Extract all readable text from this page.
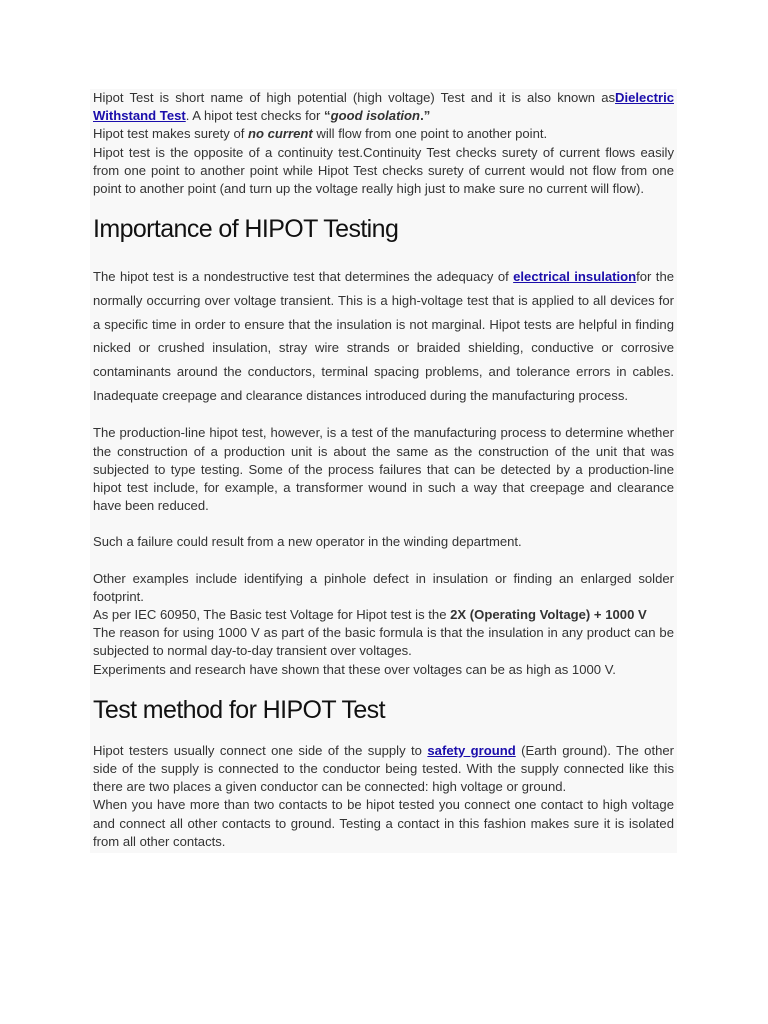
Hipot Test is short name of high potential (high voltage) Test and it is also known asDielectric Withstand Test. A hipot test checks for “good isolation.”

Hipot test makes surety of no current will flow from one point to another point.

Hipot test is the opposite of a continuity test.Continuity Test checks surety of current flows easily from one point to another point while Hipot Test checks surety of current would not flow from one point to another point (and turn up the voltage really high just to make sure no current will flow).

Importance of HIPOT Testing

The hipot test is a nondestructive test that determines the adequacy of electrical insulationfor the normally occurring over voltage transient. This is a high-voltage test that is applied to all devices for a specific time in order to ensure that the insulation is not marginal. Hipot tests are helpful in finding nicked or crushed insulation, stray wire strands or braided shielding, conductive or corrosive contaminants around the conductors, terminal spacing problems, and tolerance errors in cables. Inadequate creepage and clearance distances introduced during the manufacturing process.

The production-line hipot test, however, is a test of the manufacturing process to determine whether the construction of a production unit is about the same as the construction of the unit that was subjected to type testing. Some of the process failures that can be detected by a production-line hipot test include, for example, a transformer wound in such a way that creepage and clearance have been reduced.

Such a failure could result from a new operator in the winding department.

Other examples include identifying a pinhole defect in insulation or finding an enlarged solder footprint.

As per IEC 60950, The Basic test Voltage for Hipot test is the 2X (Operating Voltage) + 1000 V

The reason for using 1000 V as part of the basic formula is that the insulation in any product can be subjected to normal day-to-day transient over voltages.

Experiments and research have shown that these over voltages can be as high as 1000 V.

Test method for HIPOT Test

Hipot testers usually connect one side of the supply to safety ground (Earth ground). The other side of the supply is connected to the conductor being tested. With the supply connected like this there are two places a given conductor can be connected: high voltage or ground.

When you have more than two contacts to be hipot tested you connect one contact to high voltage and connect all other contacts to ground. Testing a contact in this fashion makes sure it is isolated from all other contacts.
